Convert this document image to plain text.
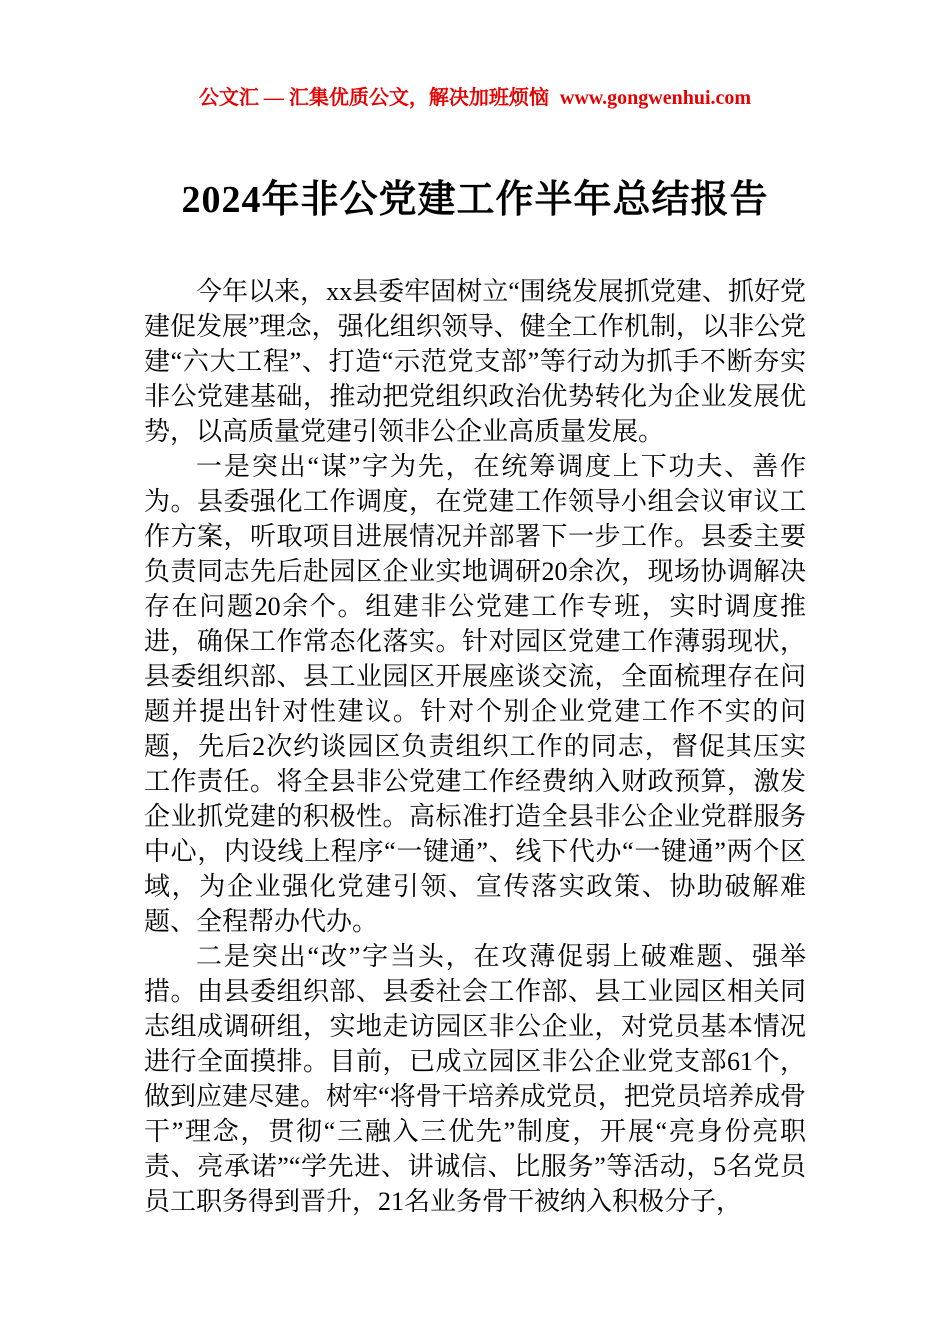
公文汇 — 汇集优质公文，解决加班烦恼 www.gongwenhui.com
2024年非公党建工作半年总结报告

今年以来，xx县委牢固树立“围绕发展抓党建、抓好党建促发展”理念，强化组织领导、健全工作机制，以非公党建“六大工程”、打造“示范党支部”等行动为抓手不断夯实非公党建基础，推动把党组织政治优势转化为企业发展优势，以高质量党建引领非公企业高质量发展。

一是突出“谋”字为先，在统筹调度上下功夫、善作为。县委强化工作调度，在党建工作领导小组会议审议工作方案，听取项目进展情况并部署下一步工作。县委主要负责同志先后赴园区企业实地调研20余次，现场协调解决存在问题20余个。组建非公党建工作专班，实时调度推进，确保工作常态化落实。针对园区党建工作薄弱现状，县委组织部、县工业园区开展座谈交流，全面梳理存在问题并提出针对性建议。针对个别企业党建工作不实的问题，先后2次约谈园区负责组织工作的同志，督促其压实工作责任。将全县非公党建工作经费纳入财政预算，激发企业抓党建的积极性。高标准打造全县非公企业党群服务中心，内设线上程序“一键通”、线下代办“一键通”两个区域，为企业强化党建引领、宣传落实政策、协助破解难题、全程帮办代办。

二是突出“改”字当头，在攻薄促弱上破难题、强举措。由县委组织部、县委社会工作部、县工业园区相关同志组成调研组，实地走访园区非公企业，对党员基本情况进行全面摸排。目前，已成立园区非公企业党支部61个，做到应建尽建。树牢“将骨干培养成党员，把党员培养成骨干”理念，贯彻“三融入三优先”制度，开展“亮身份亮职责、亮承诺”“学先进、讲诚信、比服务”等活动，5名党员员工职务得到晋升，21名业务骨干被纳入积极分子，
